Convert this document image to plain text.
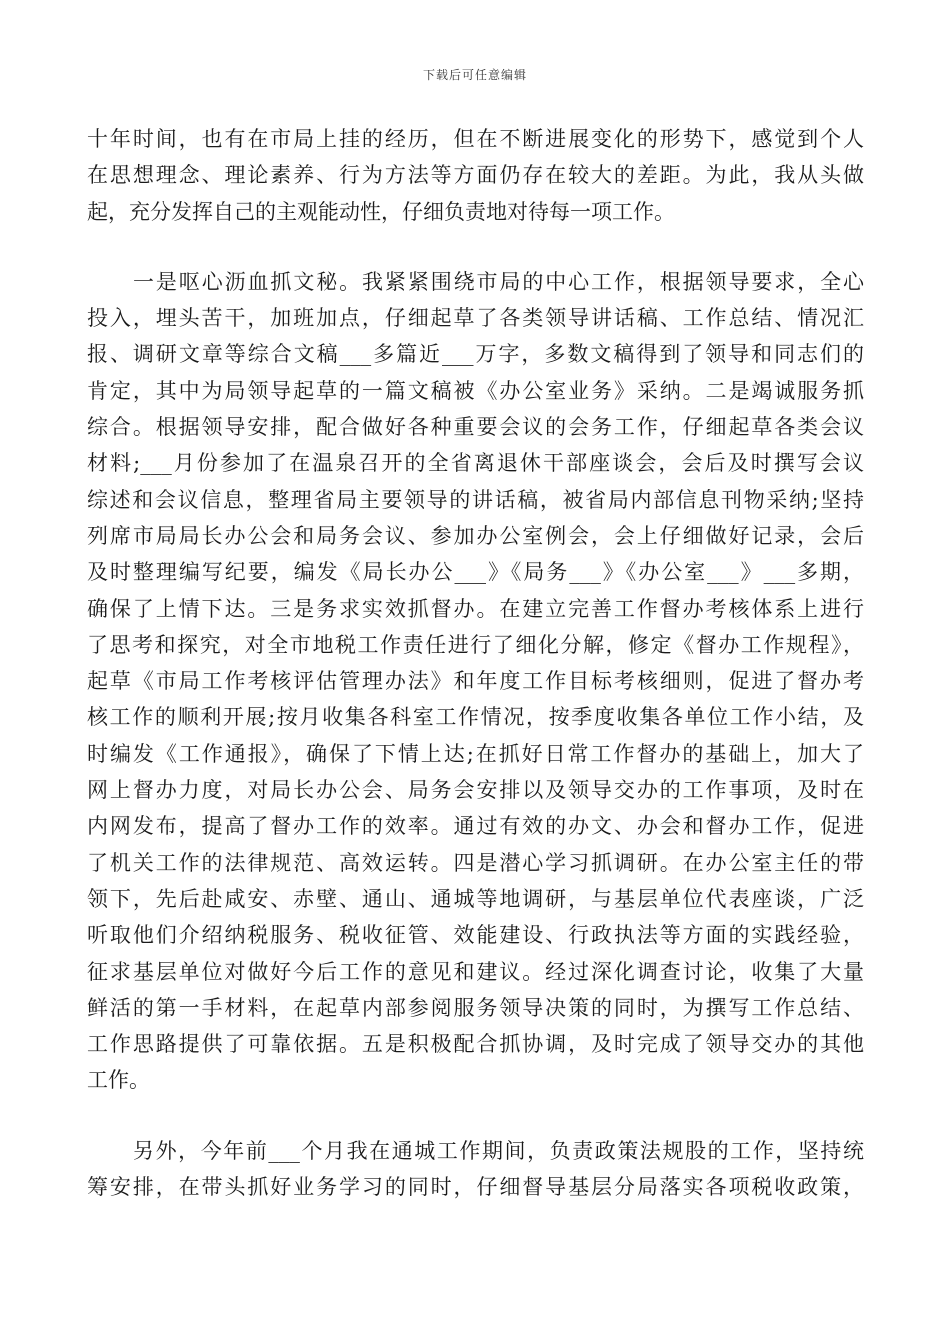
下载后可任意编辑
十年时间，也有在市局上挂的经历，但在不断进展变化的形势下，感觉到个人
在思想理念、理论素养、行为方法等方面仍存在较大的差距。为此，我从头做
起，充分发挥自己的主观能动性，仔细负责地对待每一项工作。
一是呕心沥血抓文秘。我紧紧围绕市局的中心工作，根据领导要求，全心
投入，埋头苦干，加班加点，仔细起草了各类领导讲话稿、工作总结、情况汇
报、调研文章等综合文稿___多篇近___万字，多数文稿得到了领导和同志们的
肯定，其中为局领导起草的一篇文稿被《办公室业务》采纳。二是竭诚服务抓
综合。根据领导安排，配合做好各种重要会议的会务工作，仔细起草各类会议
材料;___月份参加了在温泉召开的全省离退休干部座谈会，会后及时撰写会议
综述和会议信息，整理省局主要领导的讲话稿，被省局内部信息刊物采纳;坚持
列席市局局长办公会和局务会议、参加办公室例会，会上仔细做好记录，会后
及时整理编写纪要，编发《局长办公___》《局务___》《办公室___》___多期，
确保了上情下达。三是务求实效抓督办。在建立完善工作督办考核体系上进行
了思考和探究，对全市地税工作责任进行了细化分解，修定《督办工作规程》，
起草《市局工作考核评估管理办法》和年度工作目标考核细则，促进了督办考
核工作的顺利开展;按月收集各科室工作情况，按季度收集各单位工作小结，及
时编发《工作通报》，确保了下情上达;在抓好日常工作督办的基础上，加大了
网上督办力度，对局长办公会、局务会安排以及领导交办的工作事项，及时在
内网发布，提高了督办工作的效率。通过有效的办文、办会和督办工作，促进
了机关工作的法律规范、高效运转。四是潜心学习抓调研。在办公室主任的带
领下，先后赴咸安、赤壁、通山、通城等地调研，与基层单位代表座谈，广泛
听取他们介绍纳税服务、税收征管、效能建设、行政执法等方面的实践经验，
征求基层单位对做好今后工作的意见和建议。经过深化调查讨论，收集了大量
鲜活的第一手材料，在起草内部参阅服务领导决策的同时，为撰写工作总结、
工作思路提供了可靠依据。五是积极配合抓协调，及时完成了领导交办的其他
工作。
另外，今年前___个月我在通城工作期间，负责政策法规股的工作，坚持统
筹安排，在带头抓好业务学习的同时，仔细督导基层分局落实各项税收政策，
